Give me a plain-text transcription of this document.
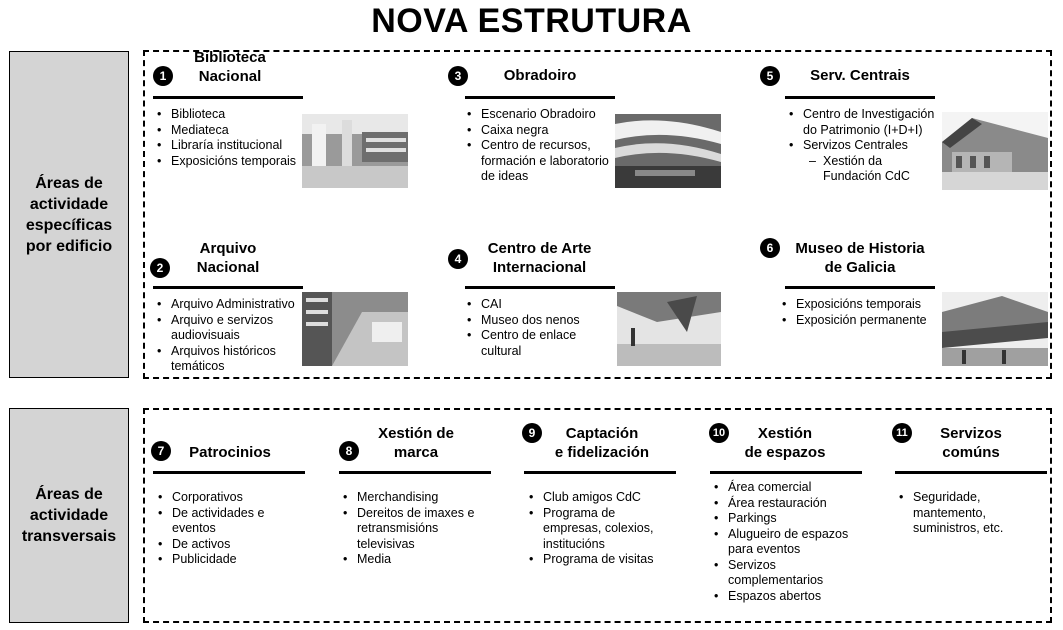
NOVA ESTRUTURA
Áreas de
actividade
específicas
por edificio
1
Biblioteca
Nacional
• Biblioteca
• Mediateca
• Libraría institucional
• Exposicións temporais
3	Obradoiro
• Escenario Obradoiro
• Caixa negra
• Centro de recursos, formación e laboratorio de ideas
5	Serv. Centrais
• Centro de Investigación do Patrimonio (I+D+I)
• Servizos Centrales
– Xestión da Fundación CdC
2
Arquivo
Nacional
• Arquivo Administrativo
• Arquivo e servizos audiovisuais
• Arquivos históricos temáticos
4
Centro de Arte
Internacional
• CAI
• Museo dos nenos
• Centro de enlace cultural
6	Museo de Historia
de Galicia
• Exposicións temporais
• Exposición permanente
Áreas de
actividade
transversais
7	Patrocinios
• Corporativos
• De actividades e eventos
• De activos
• Publicidade
8
Xestión de
marca
• Merchandising
• Dereitos de imaxes e retransmisións televisivas
• Media
9	Captación
e fidelización
• Club amigos CdC
• Programa de empresas, colexios, institucións
• Programa de visitas
10	Xestión
de espazos
• Área comercial
• Área restauración
• Parkings
• Alugueiro de espazos para eventos
• Servizos complementarios
• Espazos abertos
11	Servizos
comúns
• Seguridade, mantemento, suministros, etc.
